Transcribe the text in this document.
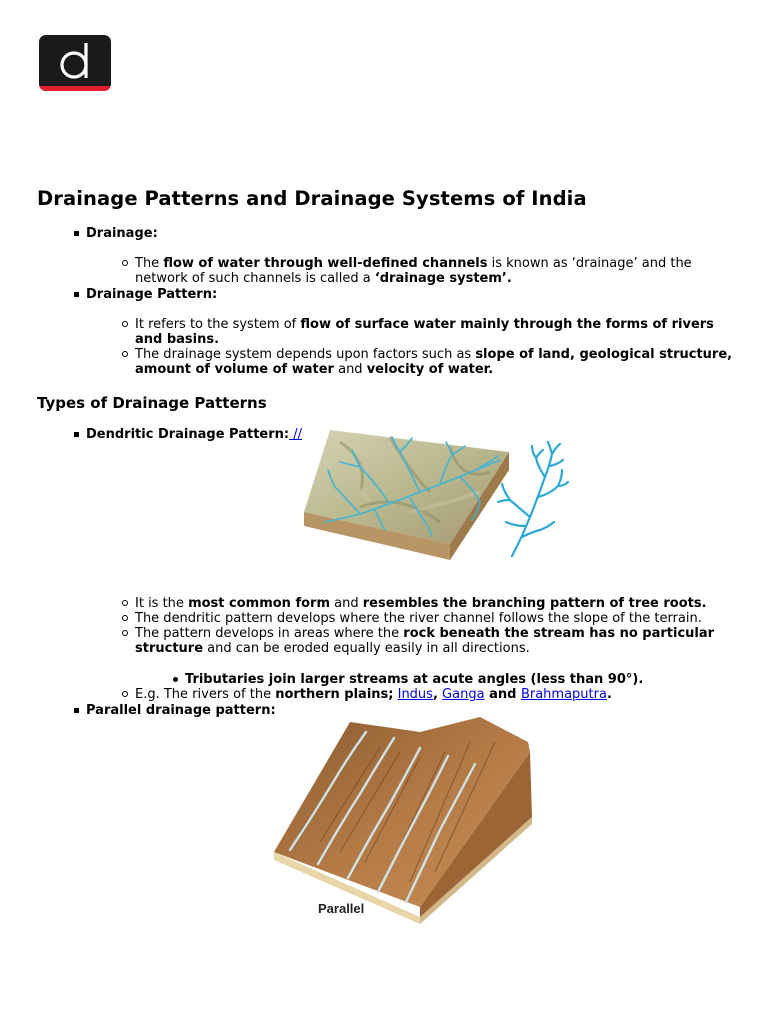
Drainage Patterns and Drainage Systems of India
Drainage:
The flow of water through well-defined channels is known as ‘drainage’ and the
network of such channels is called a ‘drainage system’.
Drainage Pattern:
It refers to the system of flow of surface water mainly through the forms of rivers
and basins.
The drainage system depends upon factors such as slope of land, geological structure,
amount of volume of water and velocity of water.
Types of Drainage Patterns
Dendritic Drainage Pattern: //
It is the most common form and resembles the branching pattern of tree roots.
The dendritic pattern develops where the river channel follows the slope of the terrain.
The pattern develops in areas where the rock beneath the stream has no particular
structure and can be eroded equally easily in all directions.
Tributaries join larger streams at acute angles (less than 90°).
E.g. The rivers of the northern plains; Indus, Ganga and Brahmaputra.
Parallel drainage pattern:
Parallel
